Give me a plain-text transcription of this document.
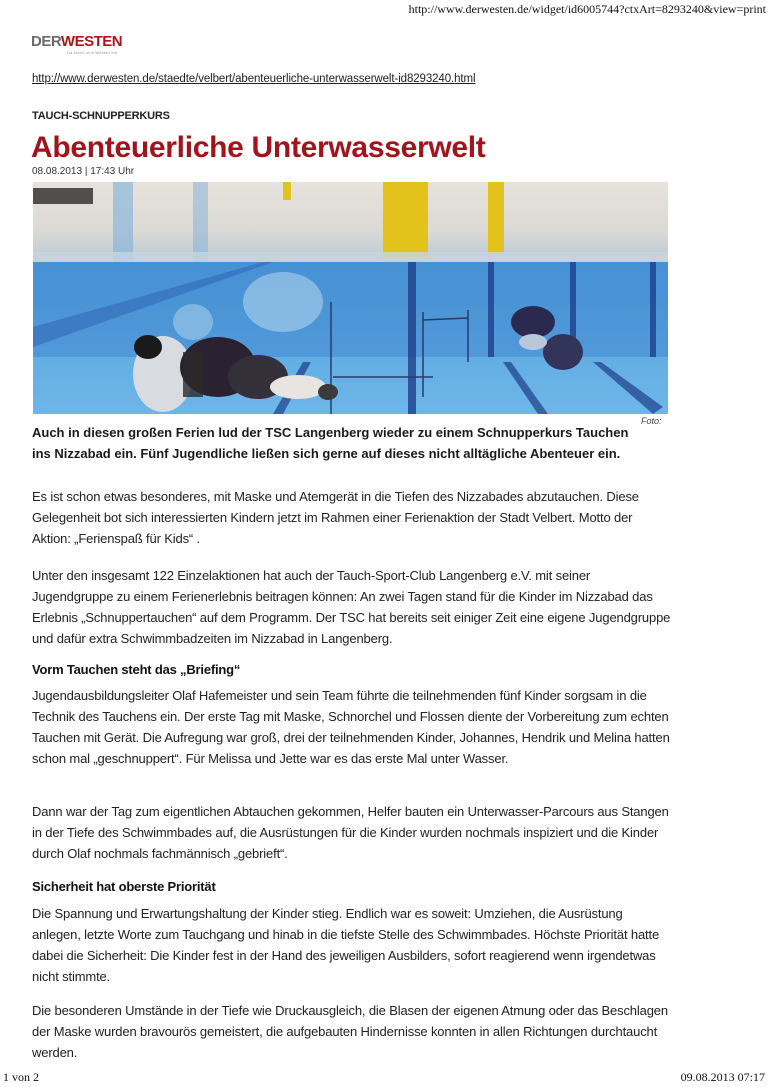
http://www.derwesten.de/widget/id6005744?ctxArt=8293240&view=print
DERWESTEN
Da fuehlt sich Westen ein
http://www.derwesten.de/staedte/velbert/abenteuerliche-unterwasserwelt-id8293240.html
TAUCH-SCHNUPPERKURS
Abenteuerliche Unterwasserwelt
08.08.2013 | 17:43 Uhr
Foto:

Auch in diesen großen Ferien lud der TSC Langenberg wieder zu einem Schnupperkurs Tauchen ins Nizzabad ein. Fünf Jugendliche ließen sich gerne auf dieses nicht alltägliche Abenteuer ein.

Es ist schon etwas besonderes, mit Maske und Atemgerät in die Tiefen des Nizzabades abzutauchen. Diese Gelegenheit bot sich interessierten Kindern jetzt im Rahmen einer Ferienaktion der Stadt Velbert. Motto der Aktion: „Ferienspaß für Kids“ .

Unter den insgesamt 122 Einzelaktionen hat auch der Tauch-Sport-Club Langenberg e.V. mit seiner Jugendgruppe zu einem Ferienerlebnis beitragen können: An zwei Tagen stand für die Kinder im Nizzabad das Erlebnis „Schnuppertauchen“ auf dem Programm. Der TSC hat bereits seit einiger Zeit eine eigene Jugendgruppe und dafür extra Schwimmbadzeiten im Nizzabad in Langenberg.

Vorm Tauchen steht das „Briefing“

Jugendausbildungsleiter Olaf Hafemeister und sein Team führte die teilnehmenden fünf Kinder sorgsam in die Technik des Tauchens ein. Der erste Tag mit Maske, Schnorchel und Flossen diente der Vorbereitung zum echten Tauchen mit Gerät. Die Aufregung war groß, drei der teilnehmenden Kinder, Johannes, Hendrik und Melina hatten schon mal „geschnuppert“. Für Melissa und Jette war es das erste Mal unter Wasser.

Dann war der Tag zum eigentlichen Abtauchen gekommen, Helfer bauten ein Unterwasser-Parcours aus Stangen in der Tiefe des Schwimmbades auf, die Ausrüstungen für die Kinder wurden nochmals inspiziert und die Kinder durch Olaf nochmals fachmännisch „gebrieft“.

Sicherheit hat oberste Priorität

Die Spannung und Erwartungshaltung der Kinder stieg. Endlich war es soweit: Umziehen, die Ausrüstung anlegen, letzte Worte zum Tauchgang und hinab in die tiefste Stelle des Schwimmbades. Höchste Priorität hatte dabei die Sicherheit: Die Kinder fest in der Hand des jeweiligen Ausbilders, sofort reagierend wenn irgendetwas nicht stimmte.

Die besonderen Umstände in der Tiefe wie Druckausgleich, die Blasen der eigenen Atmung oder das Beschlagen der Maske wurden bravourös gemeistert, die aufgebauten Hindernisse konnten in allen Richtungen durchtaucht werden.

1 von 2	09.08.2013 07:17
